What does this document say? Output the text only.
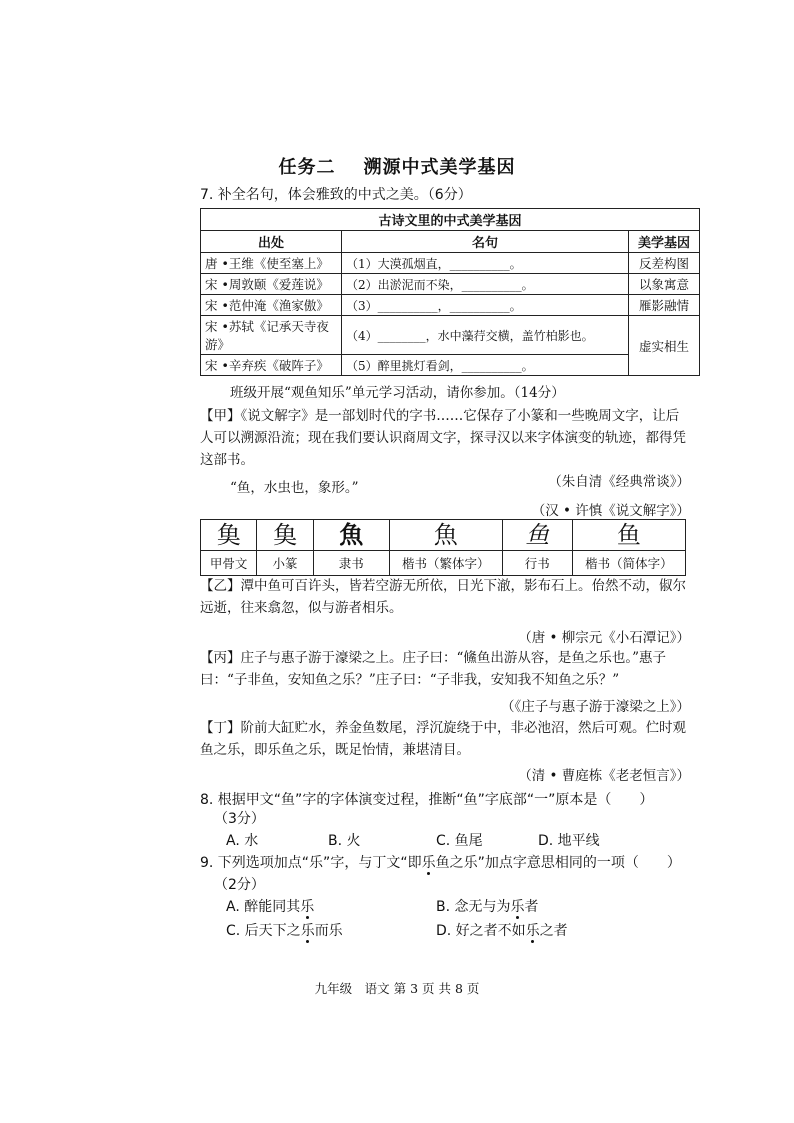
任务二 溯源中式美学基因
7. 补全名句，体会雅致的中式之美。（6分）
古诗文里的中式美学基因		
出处	名句	美学基因
唐 •王维《使至塞上》	（1）大漠孤烟直，__________。	反差构图
宋 •周敦颐《爱莲说》	（2）出淤泥而不染，__________。	以象寓意
宋 •范仲淹《渔家傲》	（3）__________，__________。	雁影融情
宋 •苏轼《记承天寺夜游》	（4）________，水中藻荇交横，盖竹柏影也。	虚实相生
宋 •辛弃疾《破阵子》	（5）醉里挑灯看剑，__________。	
班级开展“观鱼知乐”单元学习活动，请你参加。（14分）
【甲】《说文解字》是一部划时代的字书……它保存了小篆和一些晚周文字，让后人可以溯源沿流；现在我们要认识商周文字，探寻汉以来字体演变的轨迹，都得凭这部书。
（朱自清《经典常谈》）
“鱼，水虫也，象形。”
（汉 • 许慎《说文解字》）
𩵋	𩵋	魚	魚	鱼	鱼
甲骨文	小篆	隶书	楷书（繁体字）	行书	楷书（简体字）
【乙】潭中鱼可百许头，皆若空游无所依，日光下澈，影布石上。佁然不动，俶尔远逝，往来翕忽，似与游者相乐。
（唐 • 柳宗元《小石潭记》）
【丙】庄子与惠子游于濠梁之上。庄子曰：“鯈鱼出游从容，是鱼之乐也。”惠子曰：“子非鱼，安知鱼之乐？”庄子曰：“子非我，安知我不知鱼之乐？”
（《庄子与惠子游于濠梁之上》）
【丁】阶前大缸贮水，养金鱼数尾，浮沉旋绕于中，非必池沼，然后可观。伫时观鱼之乐，即乐鱼之乐，既足怡情，兼堪清目。
（清 • 曹庭栋《老老恒言》）
8. 根据甲文“鱼”字的字体演变过程，推断“鱼”字底部“一”原本是（　　）
（3分）
A. 水	B. 火	C. 鱼尾	D. 地平线
9. 下列选项加点“乐”字，与丁文“即乐鱼之乐”加点字意思相同的一项（　　）
（2分）
A. 醉能同其乐	B. 念无与为乐者
C. 后天下之乐而乐	D. 好之者不如乐之者
九年级　语文 第 3 页 共 8 页
